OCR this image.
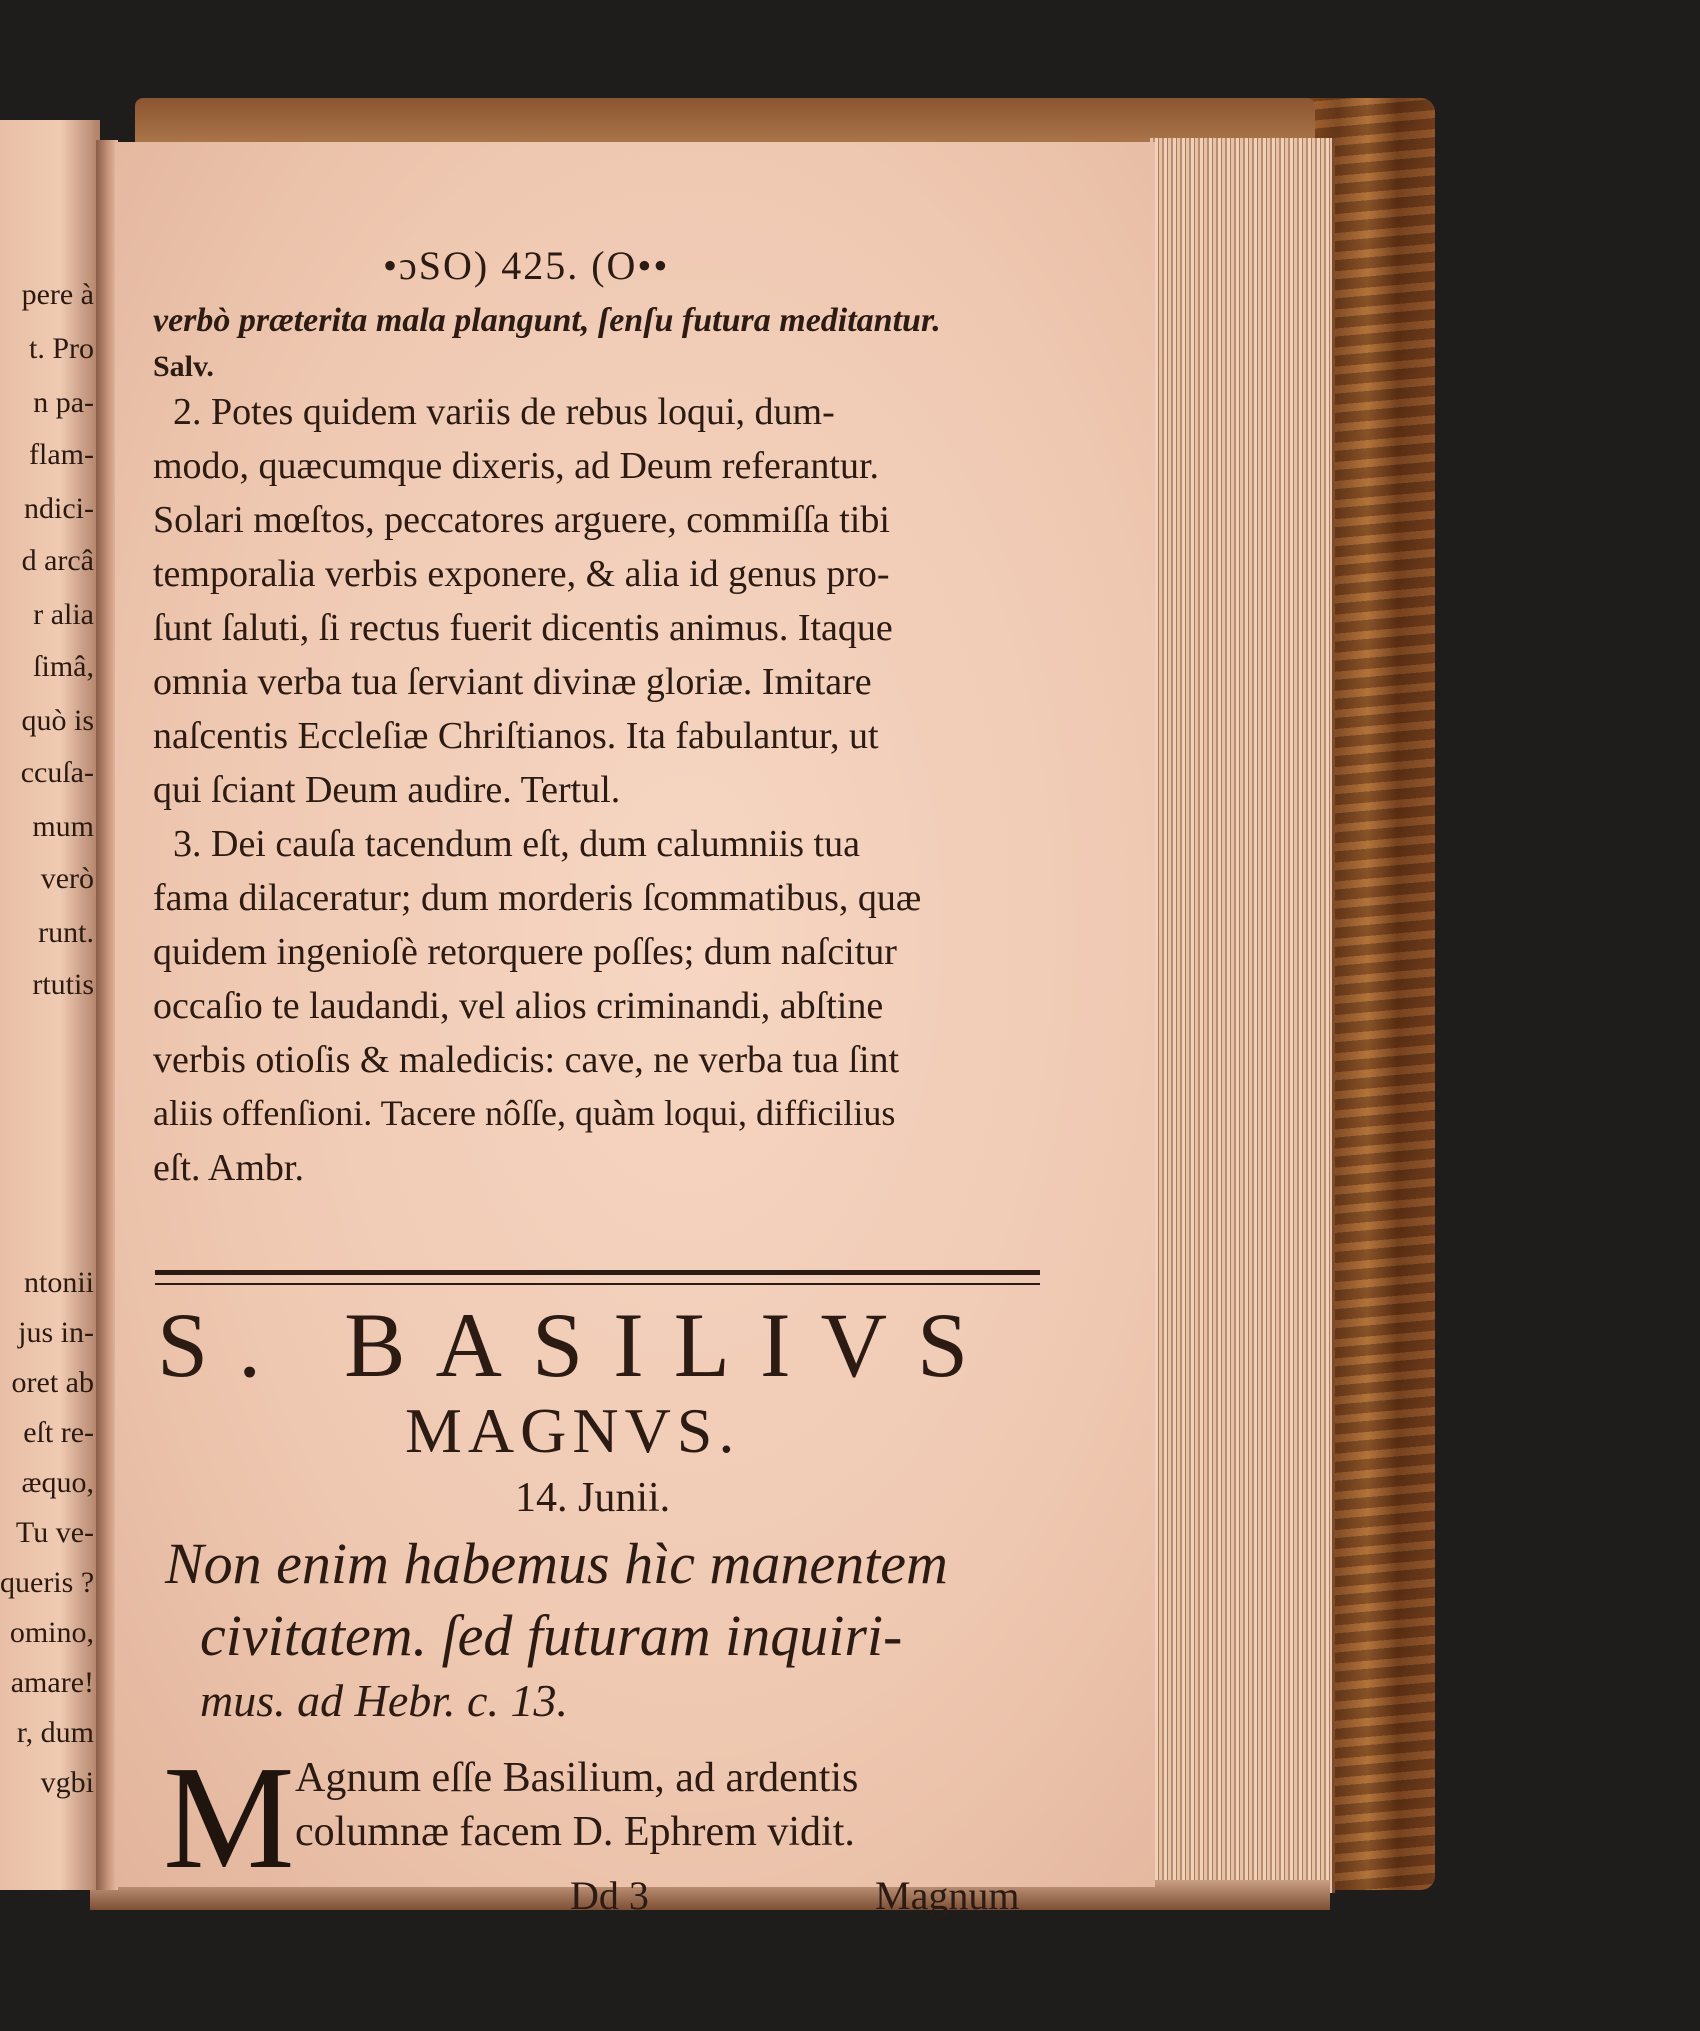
pere à
t. Pro
n pa-
flam-
ndici-
d arcâ
r alia
ſimâ,
quò is
ccuſa-
mum
verò
runt.
rtutis
ntonii
jus in-
oret ab
eſt re-
æquo,
Tu ve-
queris ?
omino,
amare!
r, dum
vgbi
•ɔSO) 425. (O••
verbò præterita mala plangunt, ſenſu futura meditantur.
Salv.
2. Potes quidem variis de rebus loqui, dum-
modo, quæcumque dixeris, ad Deum referantur.
Solari mœſtos, peccatores arguere, commiſſa tibi
temporalia verbis exponere, & alia id genus pro-
ſunt ſaluti, ſi rectus fuerit dicentis animus. Itaque
omnia verba tua ſerviant divinæ gloriæ. Imitare
naſcentis Eccleſiæ Chriſtianos. Ita fabulantur, ut
qui ſciant Deum audire. Tertul.
3. Dei cauſa tacendum eſt, dum calumniis tua
fama dilaceratur; dum morderis ſcommatibus, quæ
quidem ingenioſè retorquere poſſes; dum naſcitur
occaſio te laudandi, vel alios criminandi, abſtine
verbis otioſis & maledicis: cave, ne verba tua ſint
aliis offenſioni. Tacere nôſſe, quàm loqui, difficilius
eſt. Ambr.
S. BASILIVS
MAGNVS.
14. Junii.
Non enim habemus hìc manentem
civitatem. ſed futuram inquiri-
mus. ad Hebr. c. 13.
M Agnum eſſe Basilium, ad ardentis
columnæ facem D. Ephrem vidit.
Dd 3	Magnum
